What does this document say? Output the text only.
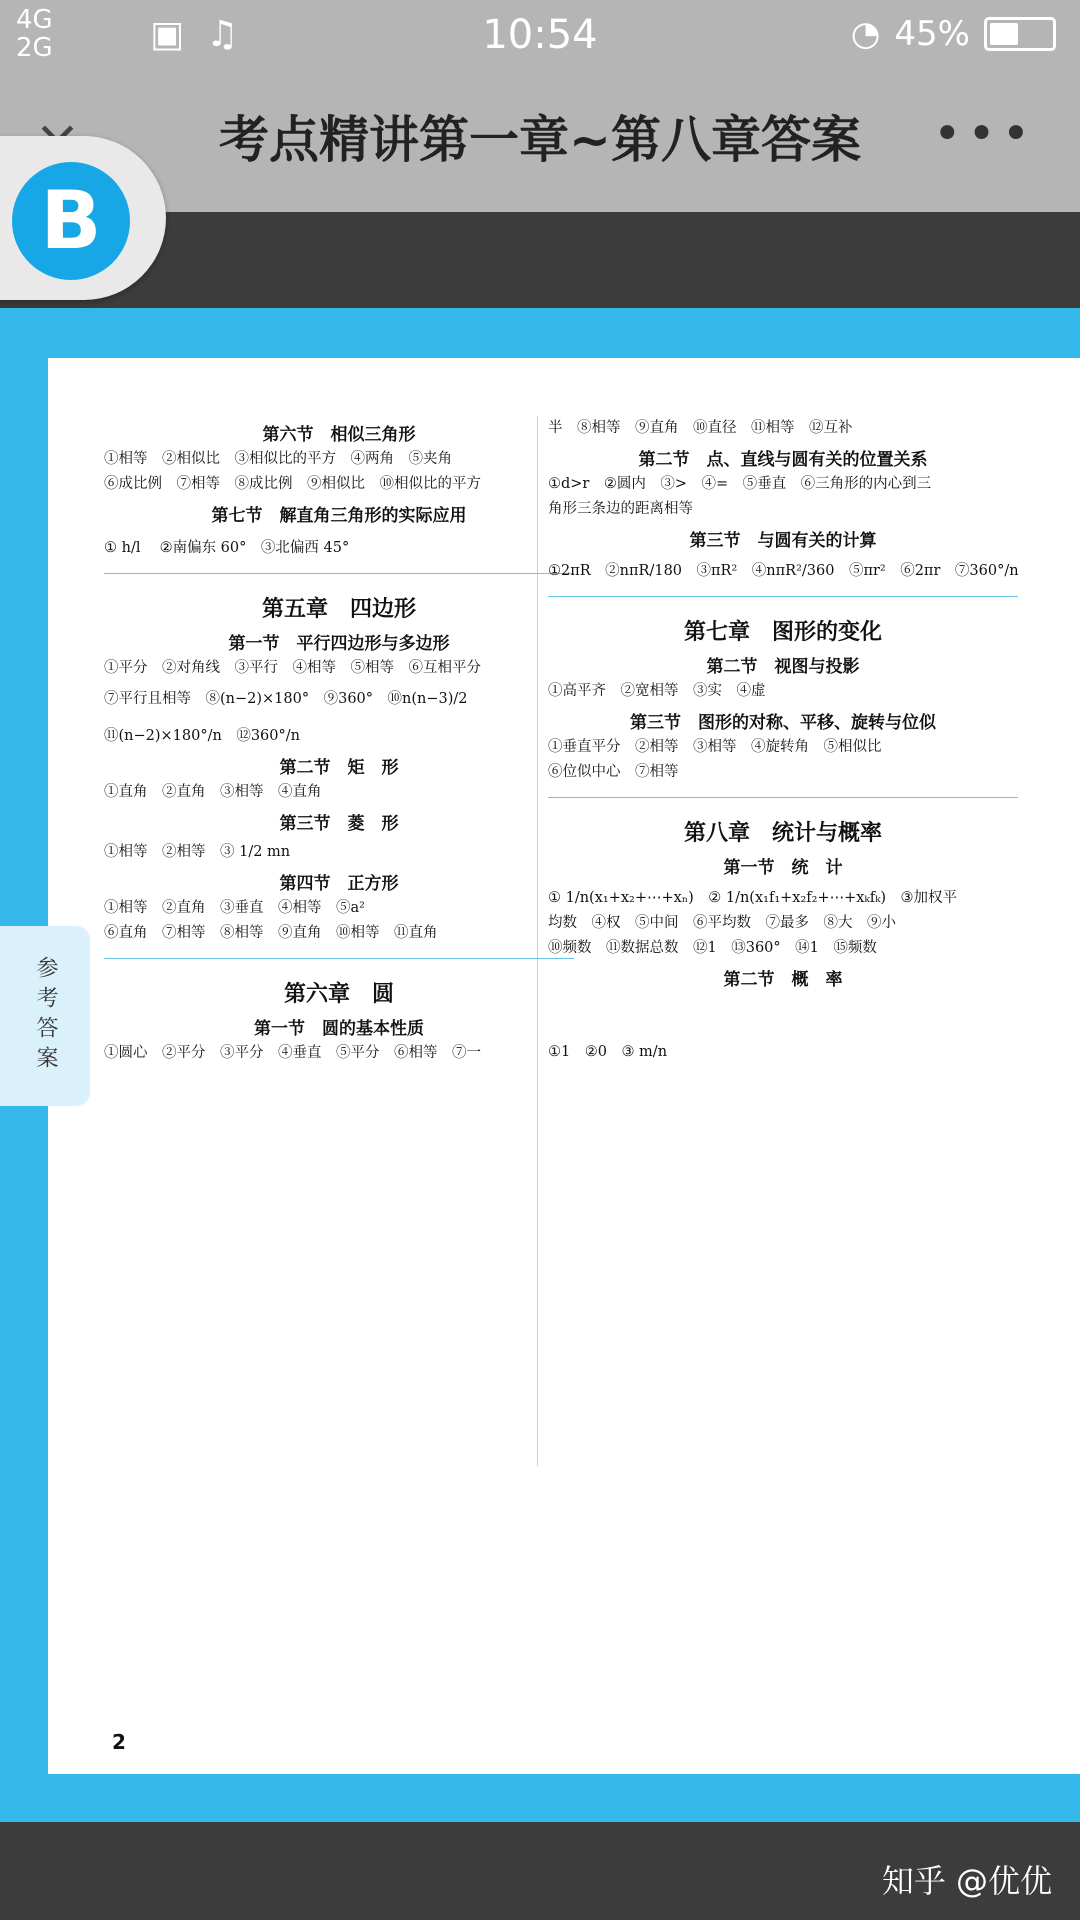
4G
2G	▣ ♫	10:54	◔ 45%
考点精讲第一章~第八章答案	•••
B
第六节　相似三角形
①相等　②相似比　③相似比的平方　④两角　⑤夹角
⑥成比例　⑦相等　⑧成比例　⑨相似比　⑩相似比的平方
第七节　解直角三角形的实际应用
① h/l 　②南偏东 60°　③北偏西 45°
第五章　四边形
第一节　平行四边形与多边形
①平分　②对角线　③平行　④相等　⑤相等　⑥互相平分
⑦平行且相等　⑧(n−2)×180°　⑨360°　⑩n(n−3)/2
⑪(n−2)×180°/n　⑫360°/n
第二节　矩　形
①直角　②直角　③相等　④直角
第三节　菱　形
①相等　②相等　③ 1/2 mn
第四节　正方形
①相等　②直角　③垂直　④相等　⑤a²
⑥直角　⑦相等　⑧相等　⑨直角　⑩相等　⑪直角
第六章　圆
第一节　圆的基本性质
①圆心　②平分　③平分　④垂直　⑤平分　⑥相等　⑦一
半　⑧相等　⑨直角　⑩直径　⑪相等　⑫互补
第二节　点、直线与圆有关的位置关系
①d>r　②圆内　③>　④=　⑤垂直　⑥三角形的内心到三
角形三条边的距离相等
第三节　与圆有关的计算
①2πR　②nπR/180　③πR²　④nπR²/360　⑤πr²　⑥2πr　⑦360°/n
第七章　图形的变化
第二节　视图与投影
①高平齐　②宽相等　③实　④虚
第三节　图形的对称、平移、旋转与位似
①垂直平分　②相等　③相等　④旋转角　⑤相似比
⑥位似中心　⑦相等
第八章　统计与概率
第一节　统　计
① 1/n(x₁+x₂+⋯+xₙ)　② 1/n(x₁f₁+x₂f₂+⋯+xₖfₖ)　③加权平
均数　④权　⑤中间　⑥平均数　⑦最多　⑧大　⑨小
⑩频数　⑪数据总数　⑫1　⑬360°　⑭1　⑮频数
第二节　概　率
①1　②0　③ m/n
2
参考答案
知乎 @优优
